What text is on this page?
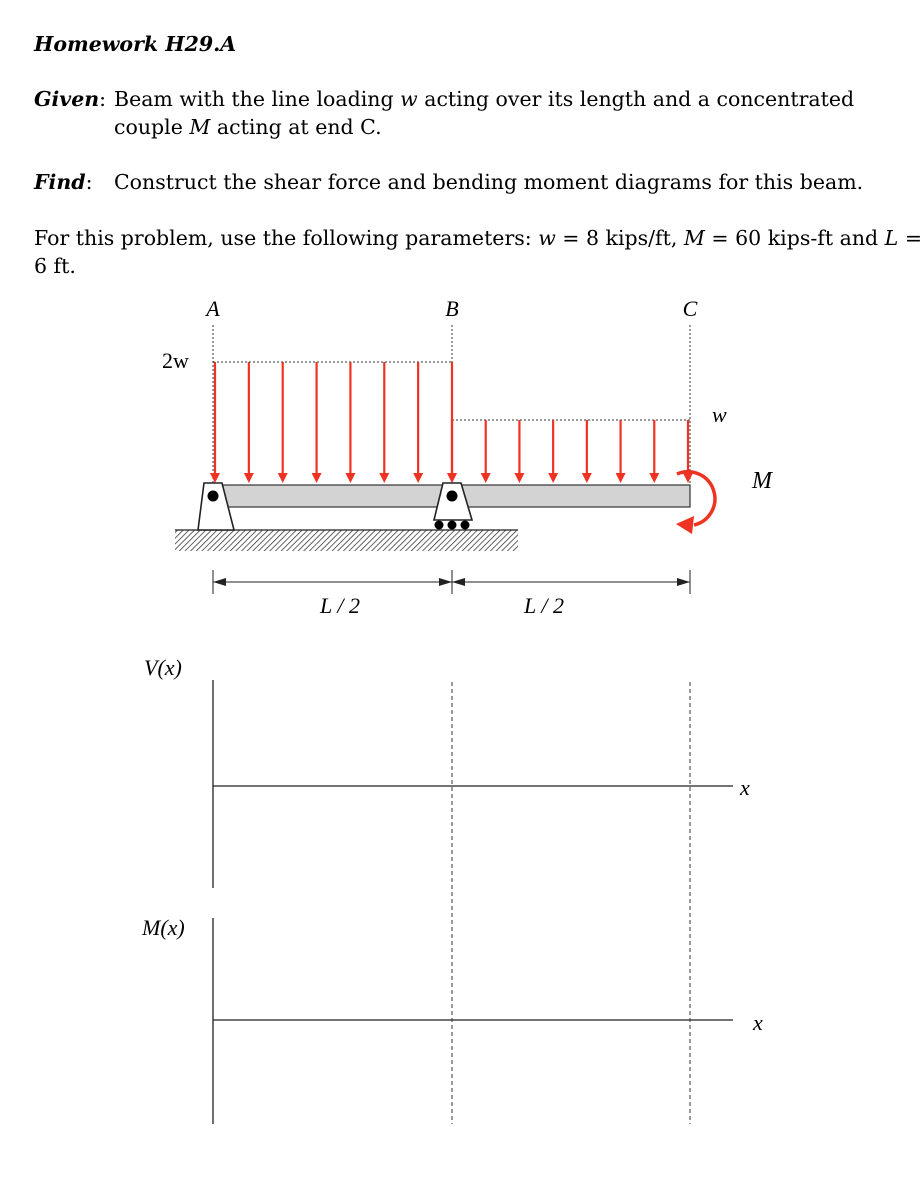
Homework H29.A

Given: Beam with the line loading w acting over its length and a concentrated

couple M acting at end C.

Find: Construct the shear force and bending moment diagrams for this beam.

For this problem, use the following parameters: w = 8 kips/ft, M = 60 kips-ft and L =

6 ft.

A	B	C
2w
w
M
L / 2	L / 2
V(x)
x
M(x)
x
